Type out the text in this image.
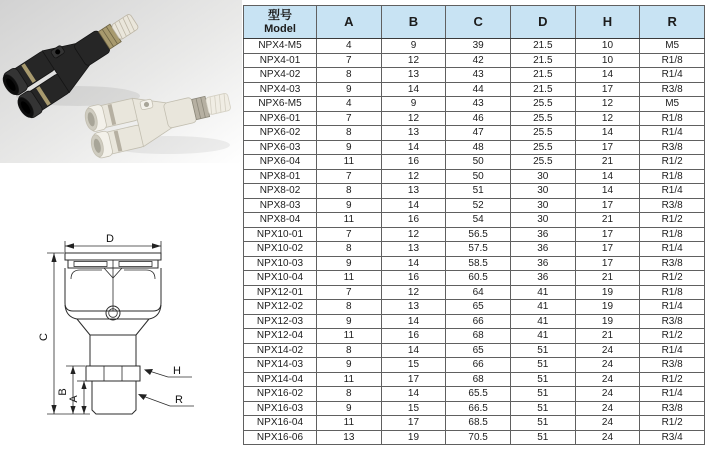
D
C
B
A
H
R
型号
Model	A	B	C	D	H	R
NPX4-M5	4	9	39	21.5	10	M5
NPX4-01	7	12	42	21.5	10	R1/8
NPX4-02	8	13	43	21.5	14	R1/4
NPX4-03	9	14	44	21.5	17	R3/8
NPX6-M5	4	9	43	25.5	12	M5
NPX6-01	7	12	46	25.5	12	R1/8
NPX6-02	8	13	47	25.5	14	R1/4
NPX6-03	9	14	48	25.5	17	R3/8
NPX6-04	11	16	50	25.5	21	R1/2
NPX8-01	7	12	50	30	14	R1/8
NPX8-02	8	13	51	30	14	R1/4
NPX8-03	9	14	52	30	17	R3/8
NPX8-04	11	16	54	30	21	R1/2
NPX10-01	7	12	56.5	36	17	R1/8
NPX10-02	8	13	57.5	36	17	R1/4
NPX10-03	9	14	58.5	36	17	R3/8
NPX10-04	11	16	60.5	36	21	R1/2
NPX12-01	7	12	64	41	19	R1/8
NPX12-02	8	13	65	41	19	R1/4
NPX12-03	9	14	66	41	19	R3/8
NPX12-04	11	16	68	41	21	R1/2
NPX14-02	8	14	65	51	24	R1/4
NPX14-03	9	15	66	51	24	R3/8
NPX14-04	11	17	68	51	24	R1/2
NPX16-02	8	14	65.5	51	24	R1/4
NPX16-03	9	15	66.5	51	24	R3/8
NPX16-04	11	17	68.5	51	24	R1/2
NPX16-06	13	19	70.5	51	24	R3/4
